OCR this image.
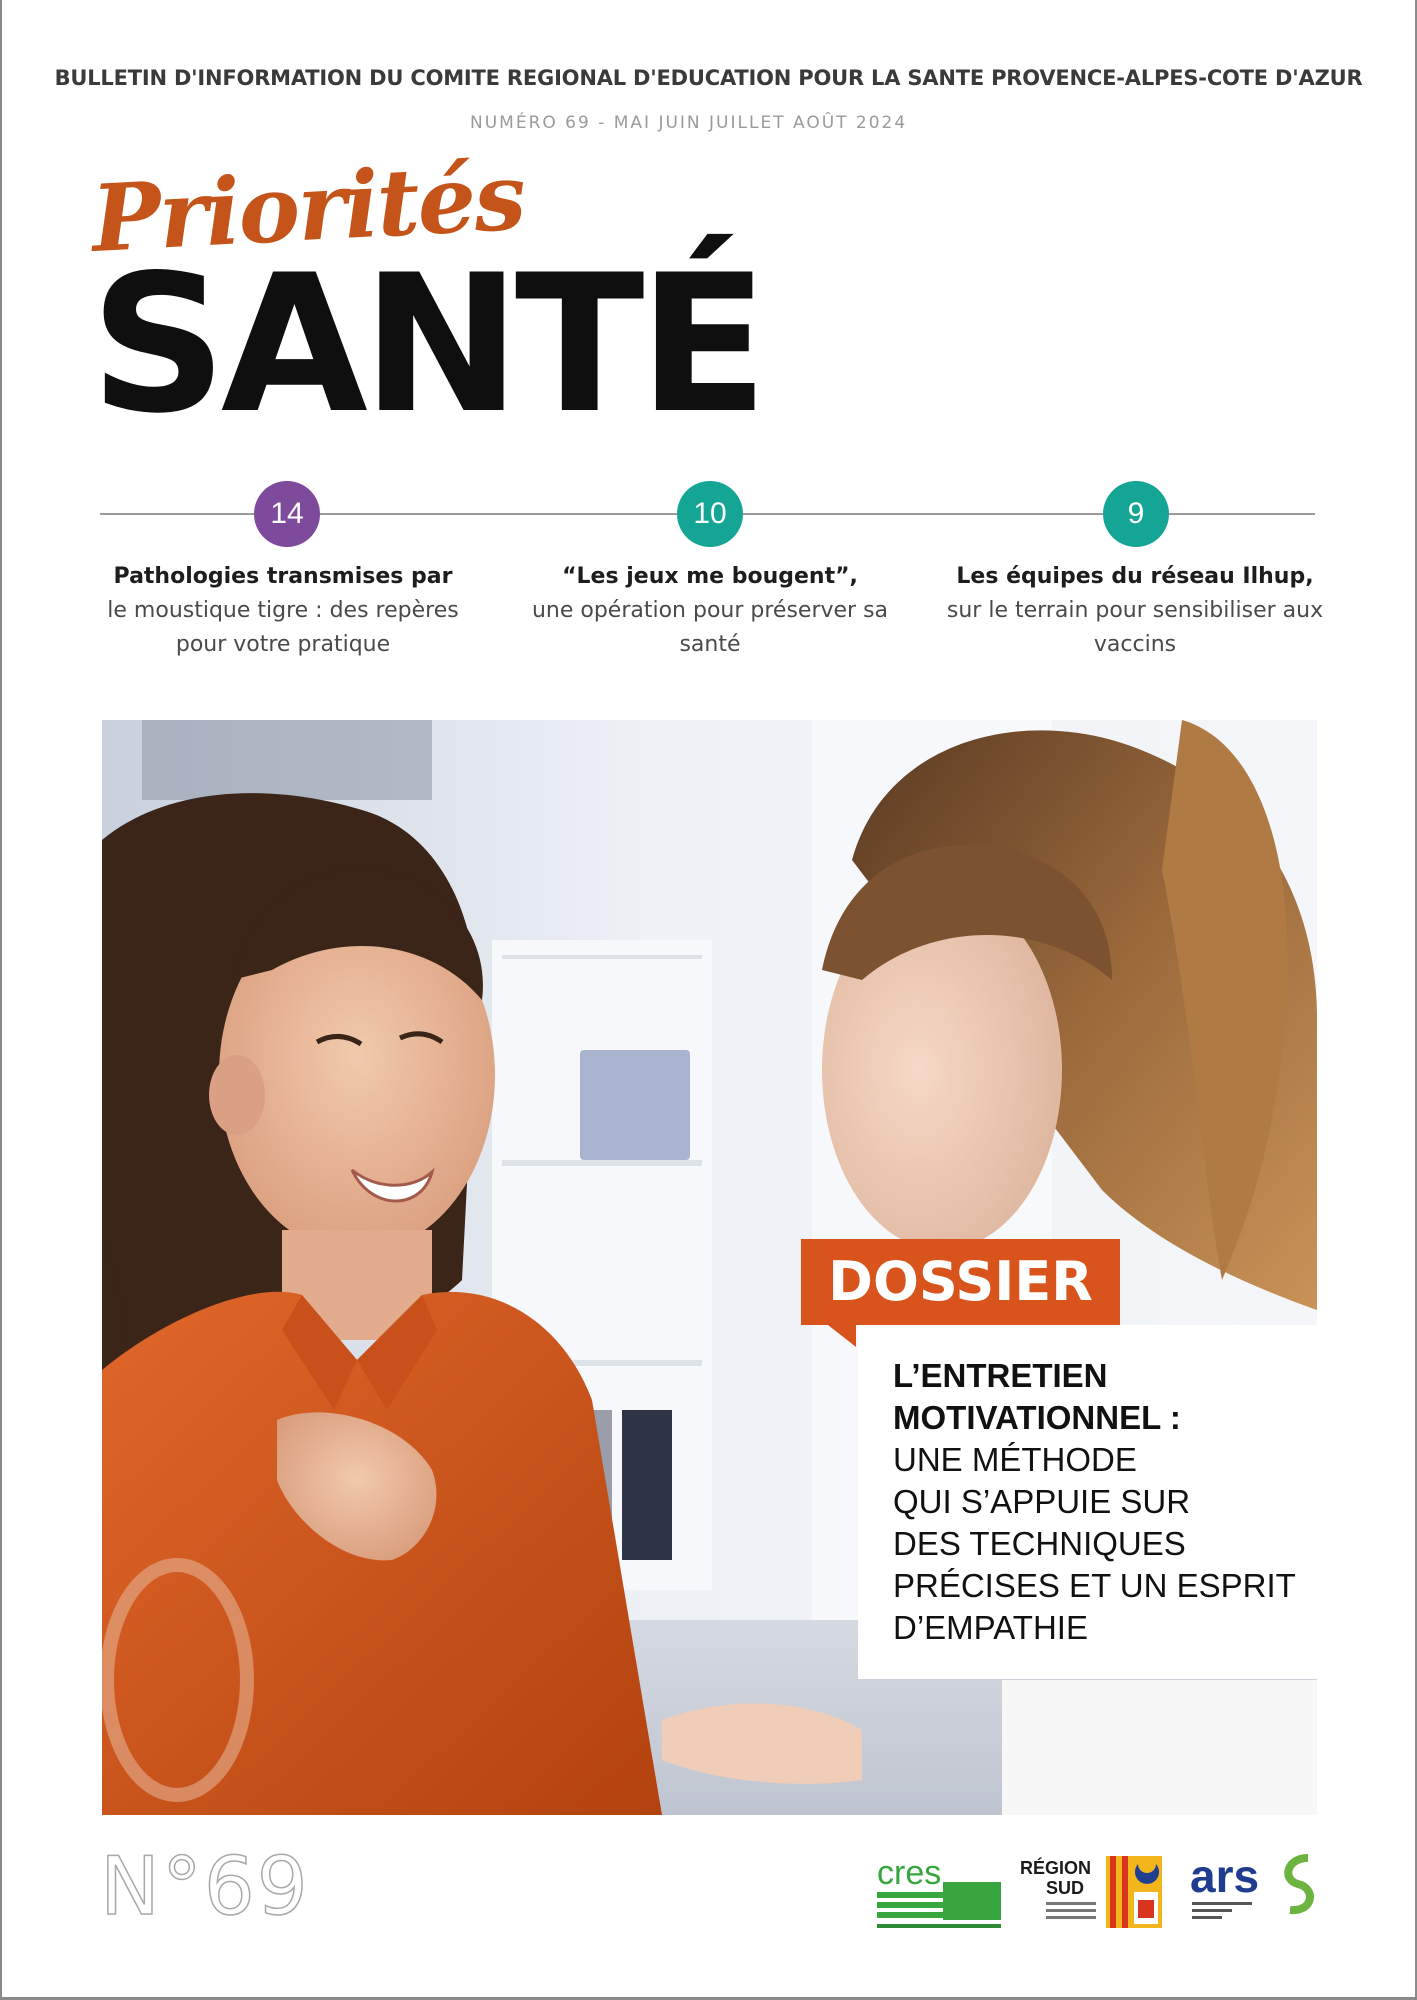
BULLETIN D'INFORMATION DU COMITE REGIONAL D'EDUCATION POUR LA SANTE PROVENCE-ALPES-COTE D'AZUR
NUMÉRO 69 - MAI JUIN JUILLET AOÛT 2024
Priorités
SANTÉ
14	10	9
Pathologies transmises par
le moustique tigre : des repères pour votre pratique
“Les jeux me bougent”,
une opération pour préserver sa santé
Les équipes du réseau Ilhup,
sur le terrain pour sensibiliser aux vaccins
DOSSIER
L’ENTRETIEN
MOTIVATIONNEL :
UNE MÉTHODE
QUI S’APPUIE SUR
DES TECHNIQUES
PRÉCISES ET UN ESPRIT
D’EMPATHIE
N°69	cres	RÉGION
SUD ars
